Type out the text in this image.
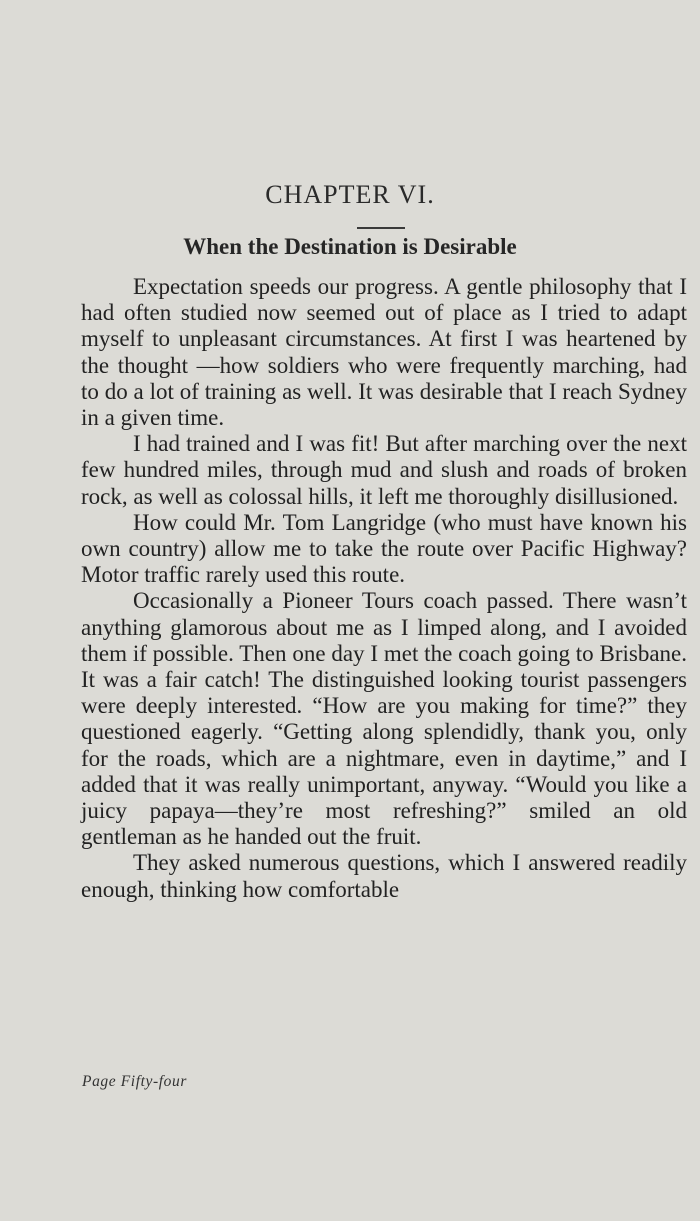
CHAPTER VI.
When the Destination is Desirable

Expectation speeds our progress. A gentle philosophy that I had often studied now seemed out of place as I tried to adapt myself to unpleasant circumstances. At first I was heartened by the thought —how soldiers who were frequently marching, had to do a lot of training as well. It was desirable that I reach Sydney in a given time.

I had trained and I was fit! But after marching over the next few hundred miles, through mud and slush and roads of broken rock, as well as colossal hills, it left me thoroughly disillusioned.

How could Mr. Tom Langridge (who must have known his own country) allow me to take the route over Pacific Highway? Motor traffic rarely used this route.

Occasionally a Pioneer Tours coach passed. There wasn’t anything glamorous about me as I limped along, and I avoided them if possible. Then one day I met the coach going to Brisbane. It was a fair catch! The distinguished looking tourist passengers were deeply interested. “How are you making for time?” they questioned eagerly. “Getting along splendidly, thank you, only for the roads, which are a nightmare, even in daytime,” and I added that it was really unimportant, anyway. “Would you like a juicy papaya—they’re most refreshing?” smiled an old gentleman as he handed out the fruit.

They asked numerous questions, which I answered readily enough, thinking how comfortable

Page Fifty-four
